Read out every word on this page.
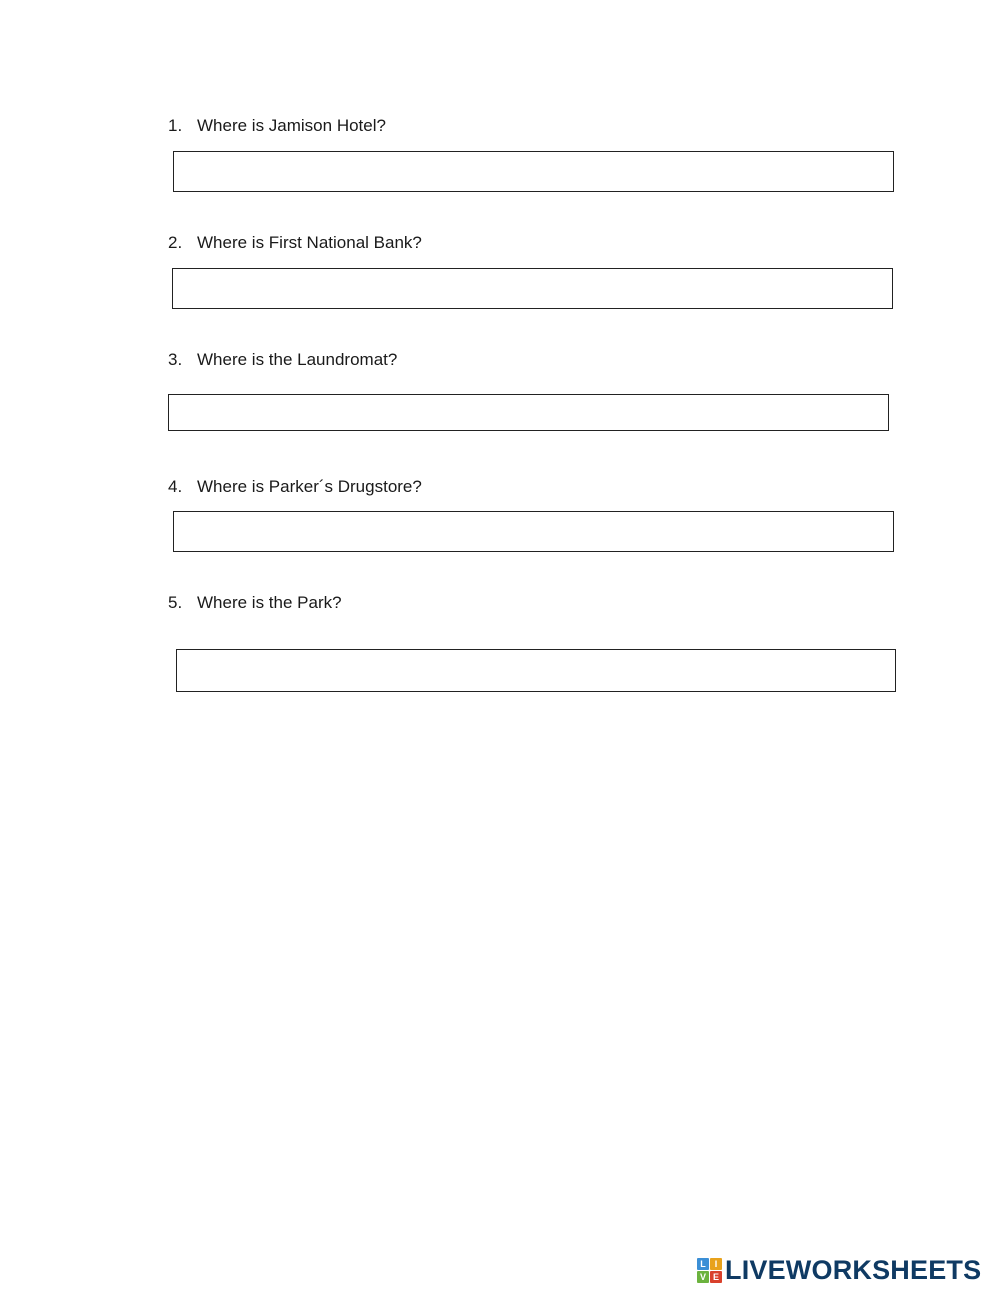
1. Where is Jamison Hotel?
2. Where is First National Bank?
3. Where is the Laundromat?
4. Where is Parker´s Drugstore?
5. Where is the Park?
L I
V E LIVEWORKSHEETS
